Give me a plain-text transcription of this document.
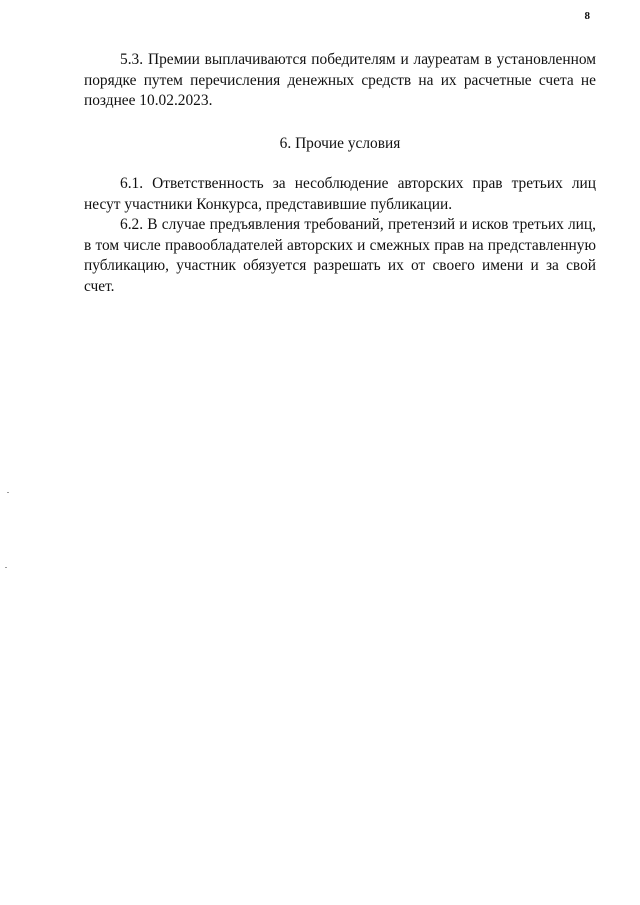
8

5.3. Премии выплачиваются победителям и лауреатам в установленном порядке путем перечисления денежных средств на их расчетные счета не позднее 10.02.2023.

6. Прочие условия

6.1. Ответственность за несоблюдение авторских прав третьих лиц несут участники Конкурса, представившие публикации.

6.2. В случае предъявления требований, претензий и исков третьих лиц, в том числе правообладателей авторских и смежных прав на представленную публикацию, участник обязуется разрешать их от своего имени и за свой счет.
